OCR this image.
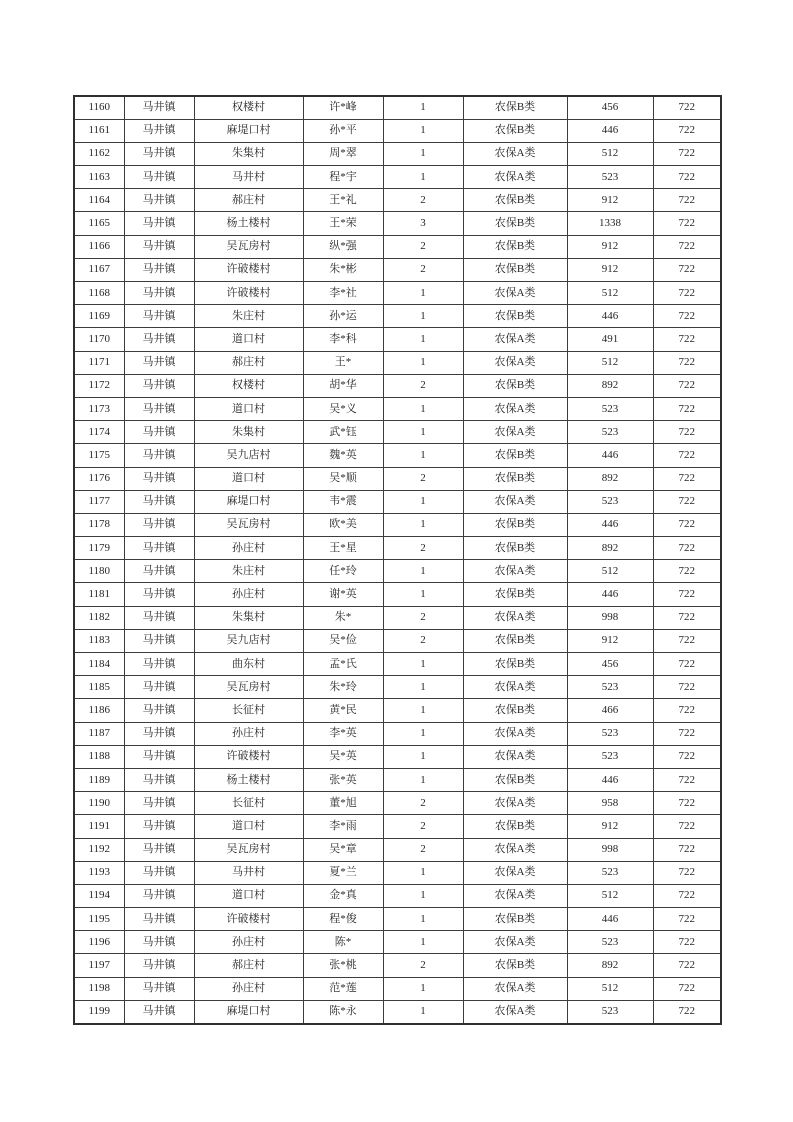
1160	马井镇	权楼村	许*峰	1	农保B类	456	722
1161	马井镇	麻堤口村	孙*平	1	农保B类	446	722
1162	马井镇	朱集村	周*翠	1	农保A类	512	722
1163	马井镇	马井村	程*宇	1	农保A类	523	722
1164	马井镇	郝庄村	王*礼	2	农保B类	912	722
1165	马井镇	杨土楼村	王*荣	3	农保B类	1338	722
1166	马井镇	吴瓦房村	纵*强	2	农保B类	912	722
1167	马井镇	许破楼村	朱*彬	2	农保B类	912	722
1168	马井镇	许破楼村	李*社	1	农保A类	512	722
1169	马井镇	朱庄村	孙*运	1	农保B类	446	722
1170	马井镇	道口村	李*科	1	农保A类	491	722
1171	马井镇	郝庄村	王*	1	农保A类	512	722
1172	马井镇	权楼村	胡*华	2	农保B类	892	722
1173	马井镇	道口村	吴*义	1	农保A类	523	722
1174	马井镇	朱集村	武*钰	1	农保A类	523	722
1175	马井镇	吴九店村	魏*英	1	农保B类	446	722
1176	马井镇	道口村	吴*顺	2	农保B类	892	722
1177	马井镇	麻堤口村	韦*震	1	农保A类	523	722
1178	马井镇	吴瓦房村	欧*美	1	农保B类	446	722
1179	马井镇	孙庄村	王*星	2	农保B类	892	722
1180	马井镇	朱庄村	任*玲	1	农保A类	512	722
1181	马井镇	孙庄村	谢*英	1	农保B类	446	722
1182	马井镇	朱集村	朱*	2	农保A类	998	722
1183	马井镇	吴九店村	吴*俭	2	农保B类	912	722
1184	马井镇	曲东村	孟*氏	1	农保B类	456	722
1185	马井镇	吴瓦房村	朱*玲	1	农保A类	523	722
1186	马井镇	长征村	黄*民	1	农保B类	466	722
1187	马井镇	孙庄村	李*英	1	农保A类	523	722
1188	马井镇	许破楼村	吴*英	1	农保A类	523	722
1189	马井镇	杨土楼村	张*英	1	农保B类	446	722
1190	马井镇	长征村	董*旭	2	农保A类	958	722
1191	马井镇	道口村	李*雨	2	农保B类	912	722
1192	马井镇	吴瓦房村	吴*章	2	农保A类	998	722
1193	马井镇	马井村	夏*兰	1	农保A类	523	722
1194	马井镇	道口村	金*真	1	农保A类	512	722
1195	马井镇	许破楼村	程*俊	1	农保B类	446	722
1196	马井镇	孙庄村	陈*	1	农保A类	523	722
1197	马井镇	郝庄村	张*桃	2	农保B类	892	722
1198	马井镇	孙庄村	范*莲	1	农保A类	512	722
1199	马井镇	麻堤口村	陈*永	1	农保A类	523	722
